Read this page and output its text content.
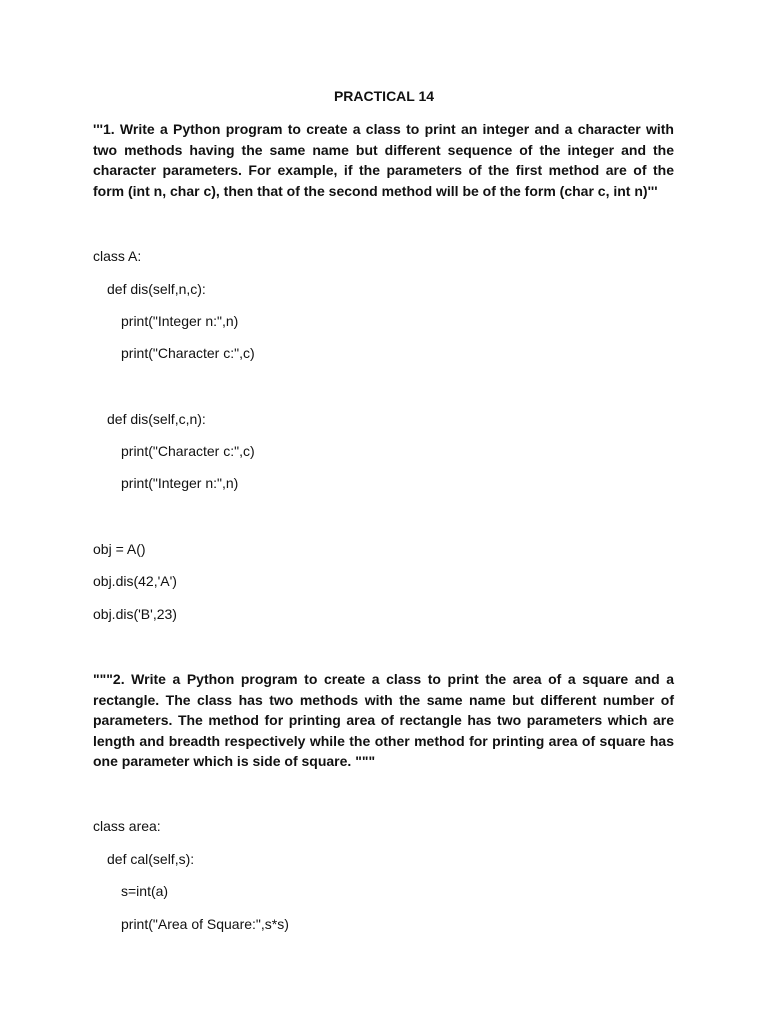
PRACTICAL 14

'''1. Write a Python program to create a class to print an integer and a character with two methods having the same name but different sequence of the integer and the character parameters. For example, if the parameters of the first method are of the form (int n, char c), then that of the second method will be of the form (char c, int n)'''

class A:
def dis(self,n,c):
print("Integer n:",n)
print("Character c:",c)
def dis(self,c,n):
print("Character c:",c)
print("Integer n:",n)
obj = A()
obj.dis(42,'A')
obj.dis('B',23)

"""2. Write a Python program to create a class to print the area of a square and a rectangle. The class has two methods with the same name but different number of parameters. The method for printing area of rectangle has two parameters which are length and breadth respectively while the other method for printing area of square has one parameter which is side of square. """

class area:
def cal(self,s):
s=int(a)
print("Area of Square:",s*s)
